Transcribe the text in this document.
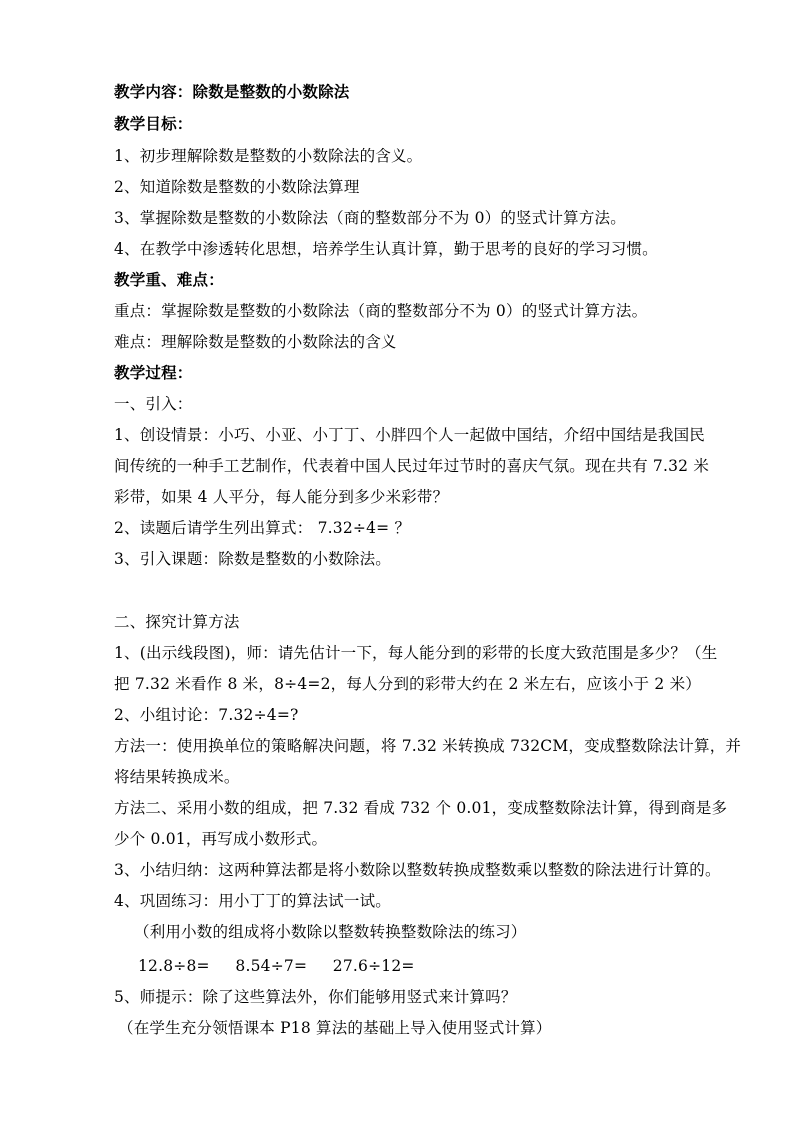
教学内容：除数是整数的小数除法
教学目标：
1、初步理解除数是整数的小数除法的含义。
2、知道除数是整数的小数除法算理
3、掌握除数是整数的小数除法（商的整数部分不为 0）的竖式计算方法。
4、在教学中渗透转化思想，培养学生认真计算，勤于思考的良好的学习习惯。
教学重、难点：
重点：掌握除数是整数的小数除法（商的整数部分不为 0）的竖式计算方法。
难点：理解除数是整数的小数除法的含义
教学过程：
一、引入：
1、创设情景：小巧、小亚、小丁丁、小胖四个人一起做中国结，介绍中国结是我国民
间传统的一种手工艺制作，代表着中国人民过年过节时的喜庆气氛。现在共有 7.32 米
彩带，如果 4 人平分，每人能分到多少米彩带？
2、读题后请学生列出算式： 7.32÷4= ？
3、引入课题：除数是整数的小数除法。
二、探究计算方法
1、(出示线段图)，师：请先估计一下，每人能分到的彩带的长度大致范围是多少？（生
把 7.32 米看作 8 米，8÷4=2，每人分到的彩带大约在 2 米左右，应该小于 2 米）
2、小组讨论：7.32÷4=?
方法一：使用换单位的策略解决问题，将 7.32 米转换成 732CM，变成整数除法计算，并
将结果转换成米。
方法二、采用小数的组成，把 7.32 看成 732 个 0.01，变成整数除法计算，得到商是多
少个 0.01，再写成小数形式。
3、小结归纳：这两种算法都是将小数除以整数转换成整数乘以整数的除法进行计算的。
4、巩固练习：用小丁丁的算法试一试。
（利用小数的组成将小数除以整数转换整数除法的练习）
12.8÷8=     8.54÷7=     27.6÷12=
5、师提示：除了这些算法外，你们能够用竖式来计算吗？
（在学生充分领悟课本 P18 算法的基础上导入使用竖式计算）
